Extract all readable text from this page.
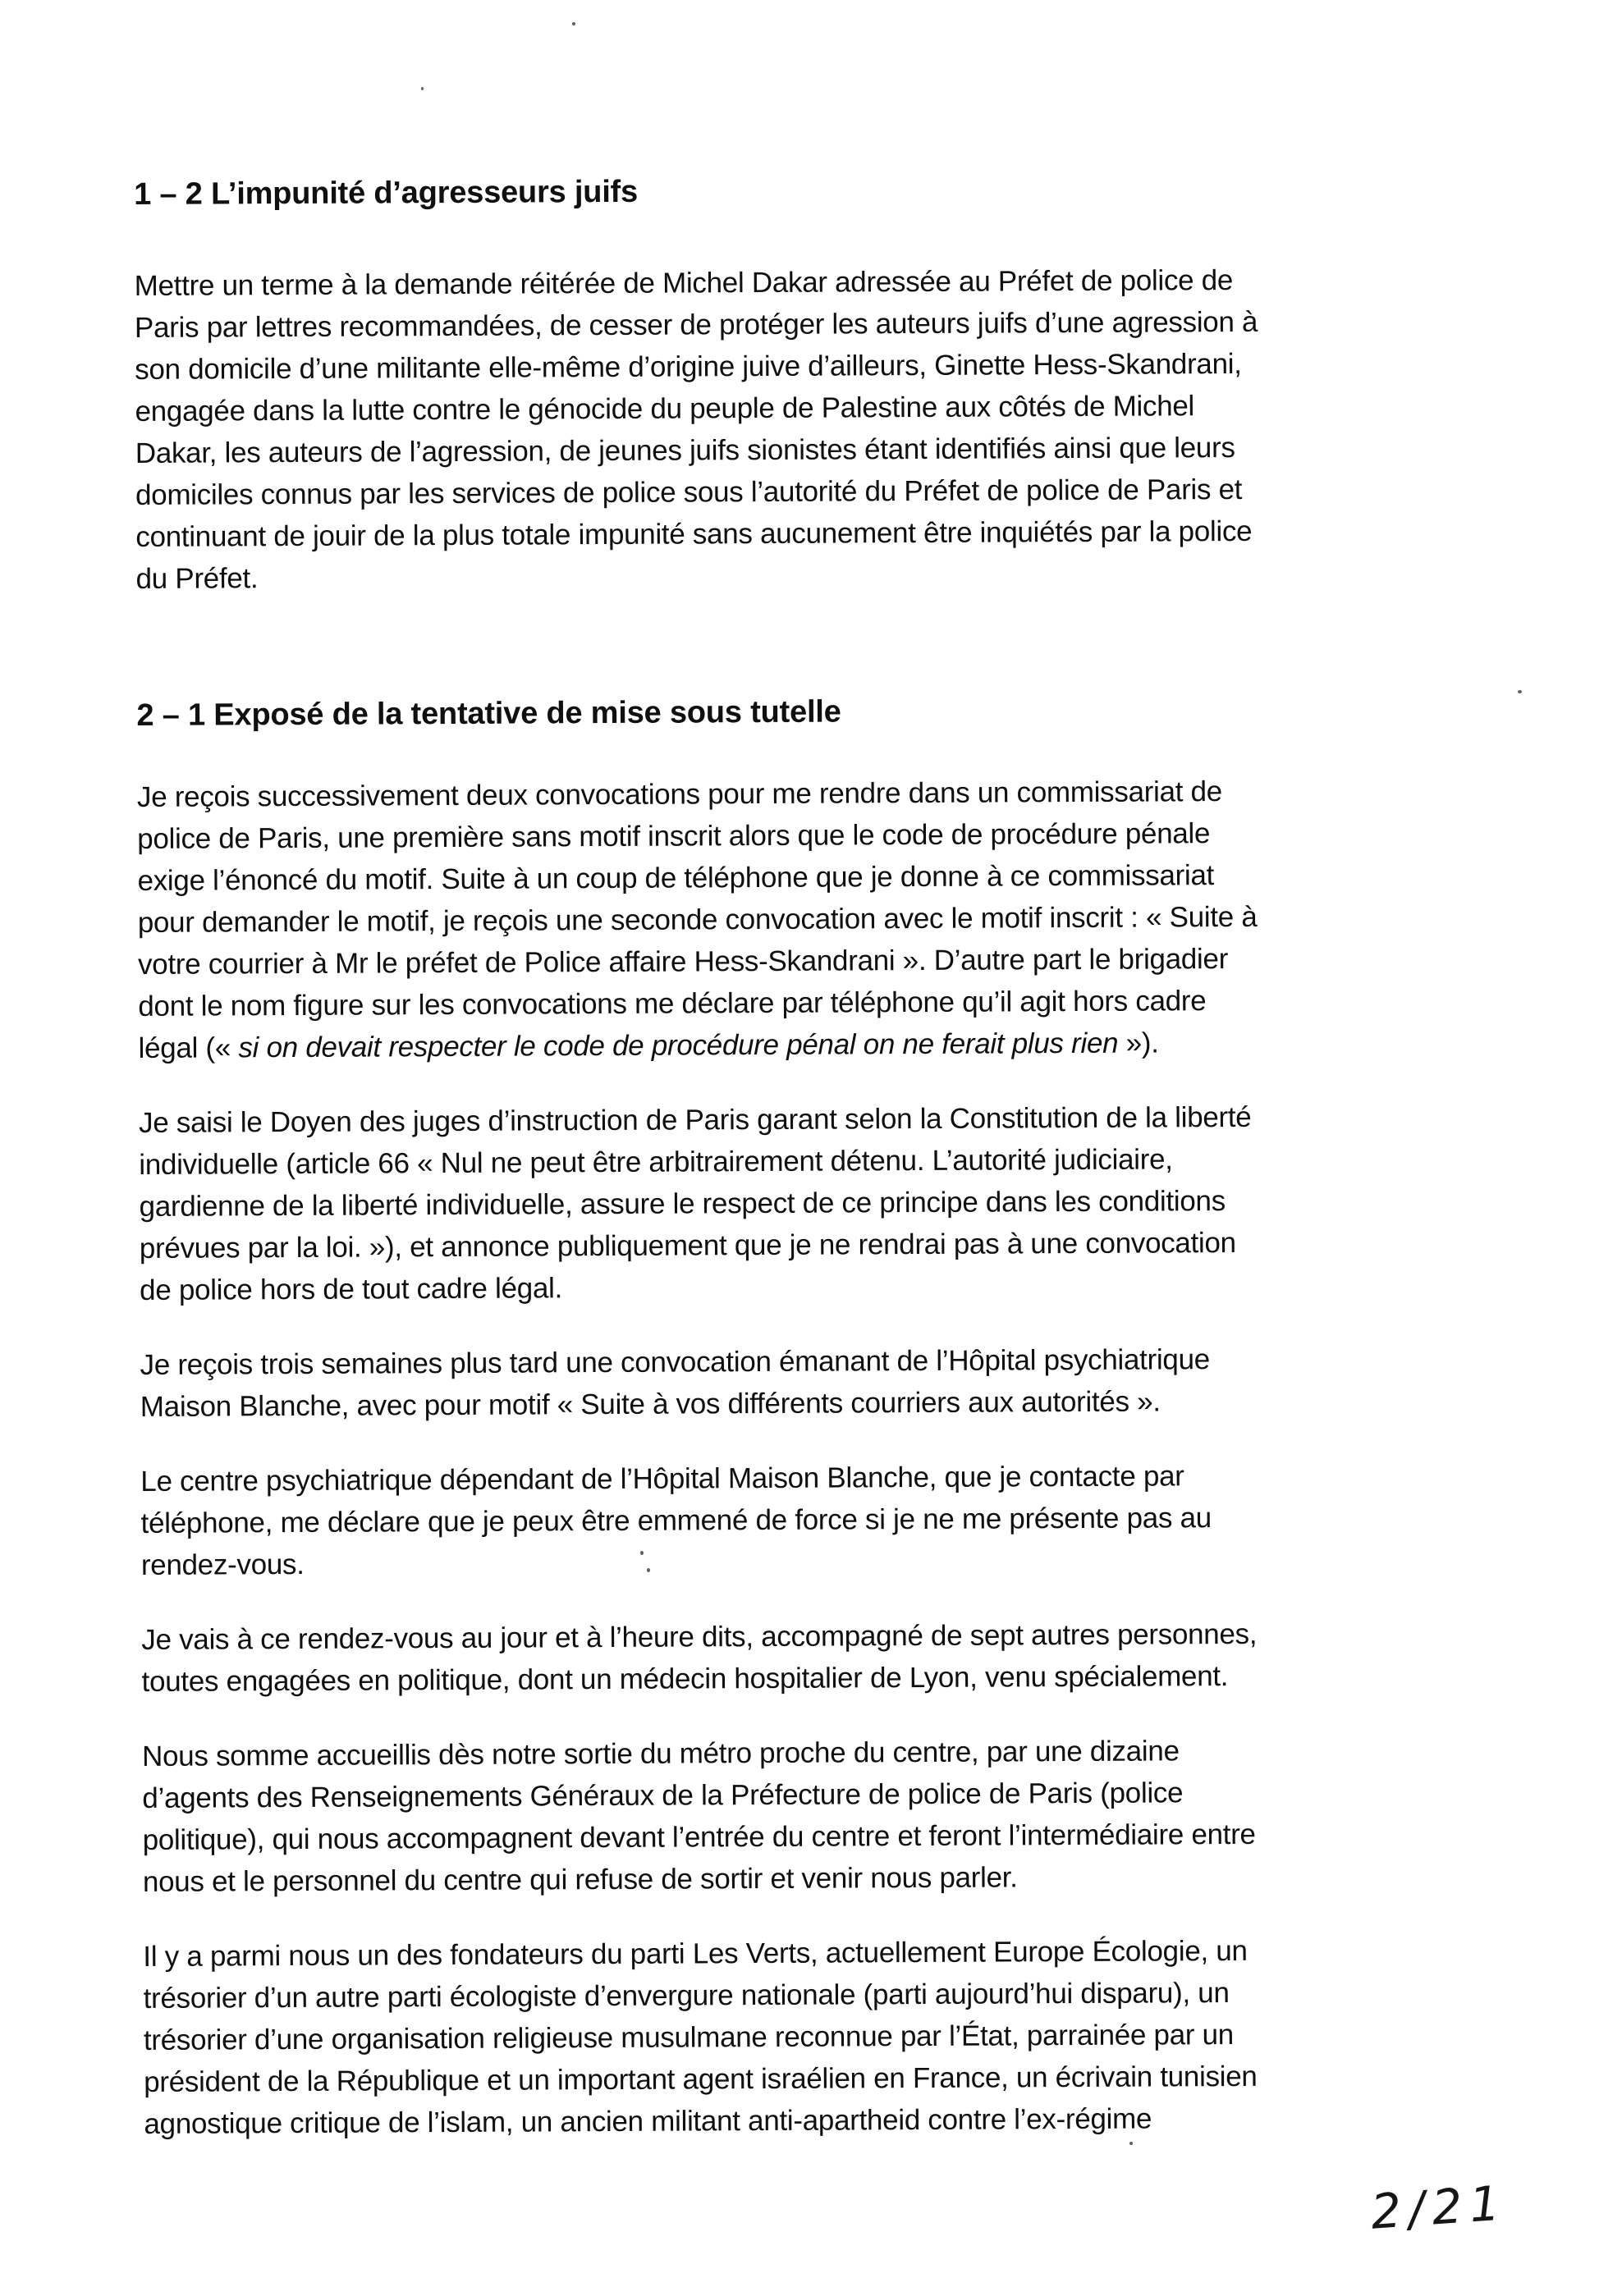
1 – 2 L’impunité d’agresseurs juifs

Mettre un terme à la demande réitérée de Michel Dakar adressée au Préfet de police de
Paris par lettres recommandées, de cesser de protéger les auteurs juifs d’une agression à
son domicile d’une militante elle-même d’origine juive d’ailleurs, Ginette Hess-Skandrani,
engagée dans la lutte contre le génocide du peuple de Palestine aux côtés de Michel
Dakar, les auteurs de l’agression, de jeunes juifs sionistes étant identifiés ainsi que leurs
domiciles connus par les services de police sous l’autorité du Préfet de police de Paris et
continuant de jouir de la plus totale impunité sans aucunement être inquiétés par la police
du Préfet.

2 – 1 Exposé de la tentative de mise sous tutelle

Je reçois successivement deux convocations pour me rendre dans un commissariat de
police de Paris, une première sans motif inscrit alors que le code de procédure pénale
exige l’énoncé du motif. Suite à un coup de téléphone que je donne à ce commissariat
pour demander le motif, je reçois une seconde convocation avec le motif inscrit : « Suite à
votre courrier à Mr le préfet de Police affaire Hess-Skandrani ». D’autre part le brigadier
dont le nom figure sur les convocations me déclare par téléphone qu’il agit hors cadre
légal (« si on devait respecter le code de procédure pénal on ne ferait plus rien »).

Je saisi le Doyen des juges d’instruction de Paris garant selon la Constitution de la liberté
individuelle (article 66 « Nul ne peut être arbitrairement détenu. L’autorité judiciaire,
gardienne de la liberté individuelle, assure le respect de ce principe dans les conditions
prévues par la loi. »), et annonce publiquement que je ne rendrai pas à une convocation
de police hors de tout cadre légal.

Je reçois trois semaines plus tard une convocation émanant de l’Hôpital psychiatrique
Maison Blanche, avec pour motif « Suite à vos différents courriers aux autorités ».

Le centre psychiatrique dépendant de l’Hôpital Maison Blanche, que je contacte par
téléphone, me déclare que je peux être emmené de force si je ne me présente pas au
rendez-vous.

Je vais à ce rendez-vous au jour et à l’heure dits, accompagné de sept autres personnes,
toutes engagées en politique, dont un médecin hospitalier de Lyon, venu spécialement.

Nous somme accueillis dès notre sortie du métro proche du centre, par une dizaine
d’agents des Renseignements Généraux de la Préfecture de police de Paris (police
politique), qui nous accompagnent devant l’entrée du centre et feront l’intermédiaire entre
nous et le personnel du centre qui refuse de sortir et venir nous parler.

Il y a parmi nous un des fondateurs du parti Les Verts, actuellement Europe Écologie, un
trésorier d’un autre parti écologiste d’envergure nationale (parti aujourd’hui disparu), un
trésorier d’une organisation religieuse musulmane reconnue par l’État, parrainée par un
président de la République et un important agent israélien en France, un écrivain tunisien
agnostique critique de l’islam, un ancien militant anti-apartheid contre l’ex-régime

2/21
